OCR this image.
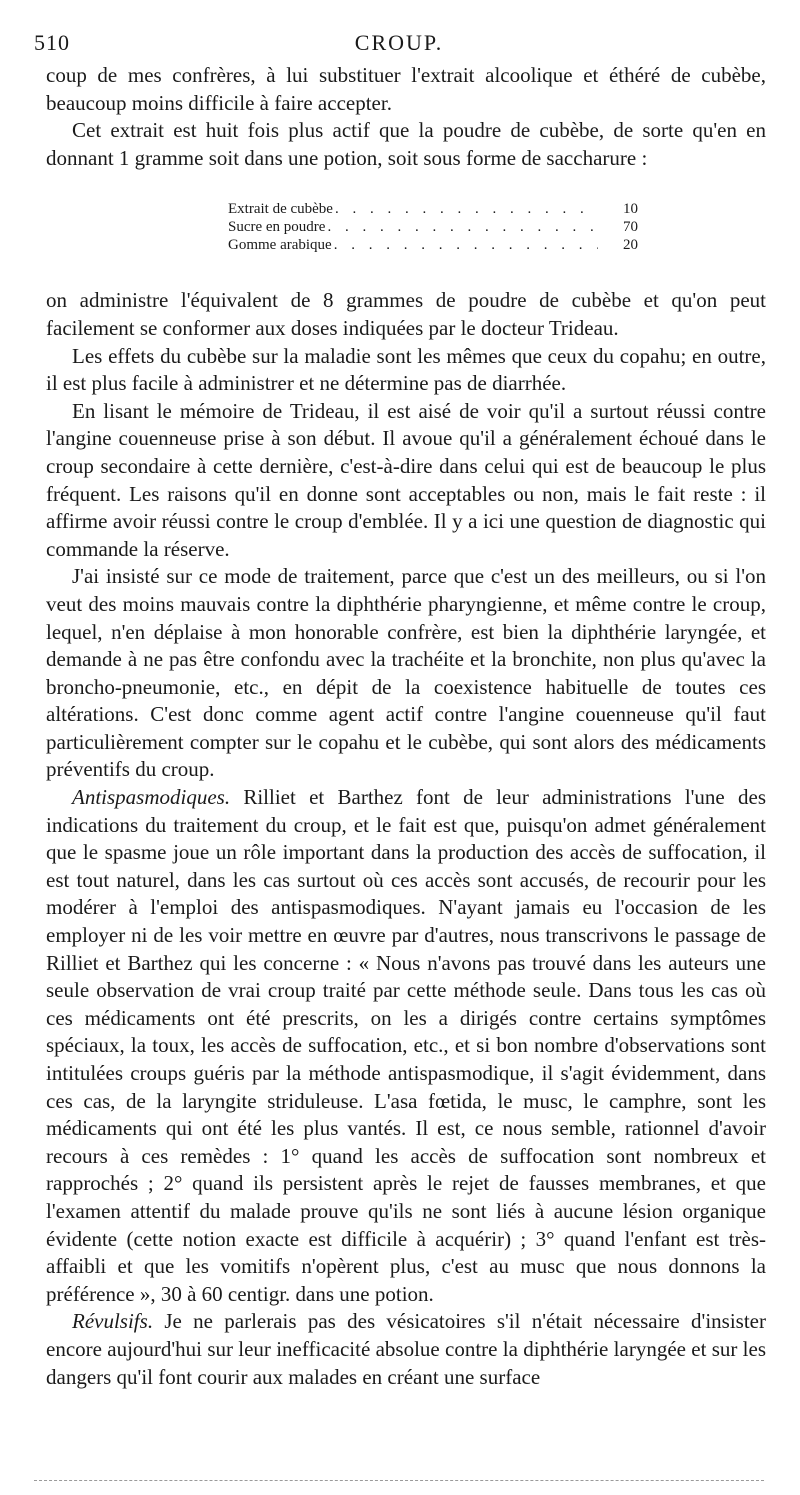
510	CROUP.

coup de mes confrères, à lui substituer l'extrait alcoolique et éthéré de cubèbe, beaucoup moins difficile à faire accepter.

Cet extrait est huit fois plus actif que la poudre de cubèbe, de sorte qu'en en donnant 1 gramme soit dans une potion, soit sous forme de saccharure :

Extrait de cubèbe . . .	10
Sucre en poudre . . .	70
Gomme arabique . . .	20

on administre l'équivalent de 8 grammes de poudre de cubèbe et qu'on peut facilement se conformer aux doses indiquées par le docteur Trideau.

Les effets du cubèbe sur la maladie sont les mêmes que ceux du copahu; en outre, il est plus facile à administrer et ne détermine pas de diarrhée.

En lisant le mémoire de Trideau, il est aisé de voir qu'il a surtout réussi contre l'angine couenneuse prise à son début. Il avoue qu'il a généralement échoué dans le croup secondaire à cette dernière, c'est-à-dire dans celui qui est de beaucoup le plus fréquent. Les raisons qu'il en donne sont acceptables ou non, mais le fait reste : il affirme avoir réussi contre le croup d'emblée. Il y a ici une question de diagnostic qui commande la réserve.

J'ai insisté sur ce mode de traitement, parce que c'est un des meilleurs, ou si l'on veut des moins mauvais contre la diphthérie pharyngienne, et même contre le croup, lequel, n'en déplaise à mon honorable confrère, est bien la diphthérie laryngée, et demande à ne pas être confondu avec la trachéite et la bronchite, non plus qu'avec la broncho-pneumonie, etc., en dépit de la coexistence habituelle de toutes ces altérations. C'est donc comme agent actif contre l'angine couenneuse qu'il faut particulièrement compter sur le copahu et le cubèbe, qui sont alors des médicaments préventifs du croup.

Antispasmodiques. Rilliet et Barthez font de leur administrations l'une des indications du traitement du croup, et le fait est que, puisqu'on admet généralement que le spasme joue un rôle important dans la production des accès de suffocation, il est tout naturel, dans les cas surtout où ces accès sont accusés, de recourir pour les modérer à l'emploi des antispasmodiques. N'ayant jamais eu l'occasion de les employer ni de les voir mettre en œuvre par d'autres, nous transcrivons le passage de Rilliet et Barthez qui les concerne : « Nous n'avons pas trouvé dans les auteurs une seule observation de vrai croup traité par cette méthode seule. Dans tous les cas où ces médicaments ont été prescrits, on les a dirigés contre certains symptômes spéciaux, la toux, les accès de suffocation, etc., et si bon nombre d'observations sont intitulées croups guéris par la méthode antispasmodique, il s'agit évidemment, dans ces cas, de la laryngite striduleuse. L'asa fœtida, le musc, le camphre, sont les médicaments qui ont été les plus vantés. Il est, ce nous semble, rationnel d'avoir recours à ces remèdes : 1° quand les accès de suffocation sont nombreux et rapprochés ; 2° quand ils persistent après le rejet de fausses membranes, et que l'examen attentif du malade prouve qu'ils ne sont liés à aucune lésion organique évidente (cette notion exacte est difficile à acquérir) ; 3° quand l'enfant est très-affaibli et que les vomitifs n'opèrent plus, c'est au musc que nous donnons la préférence », 30 à 60 centigr. dans une potion.

Révulsifs. Je ne parlerais pas des vésicatoires s'il n'était nécessaire d'insister encore aujourd'hui sur leur inefficacité absolue contre la diphthérie laryngée et sur les dangers qu'il font courir aux malades en créant une surface
